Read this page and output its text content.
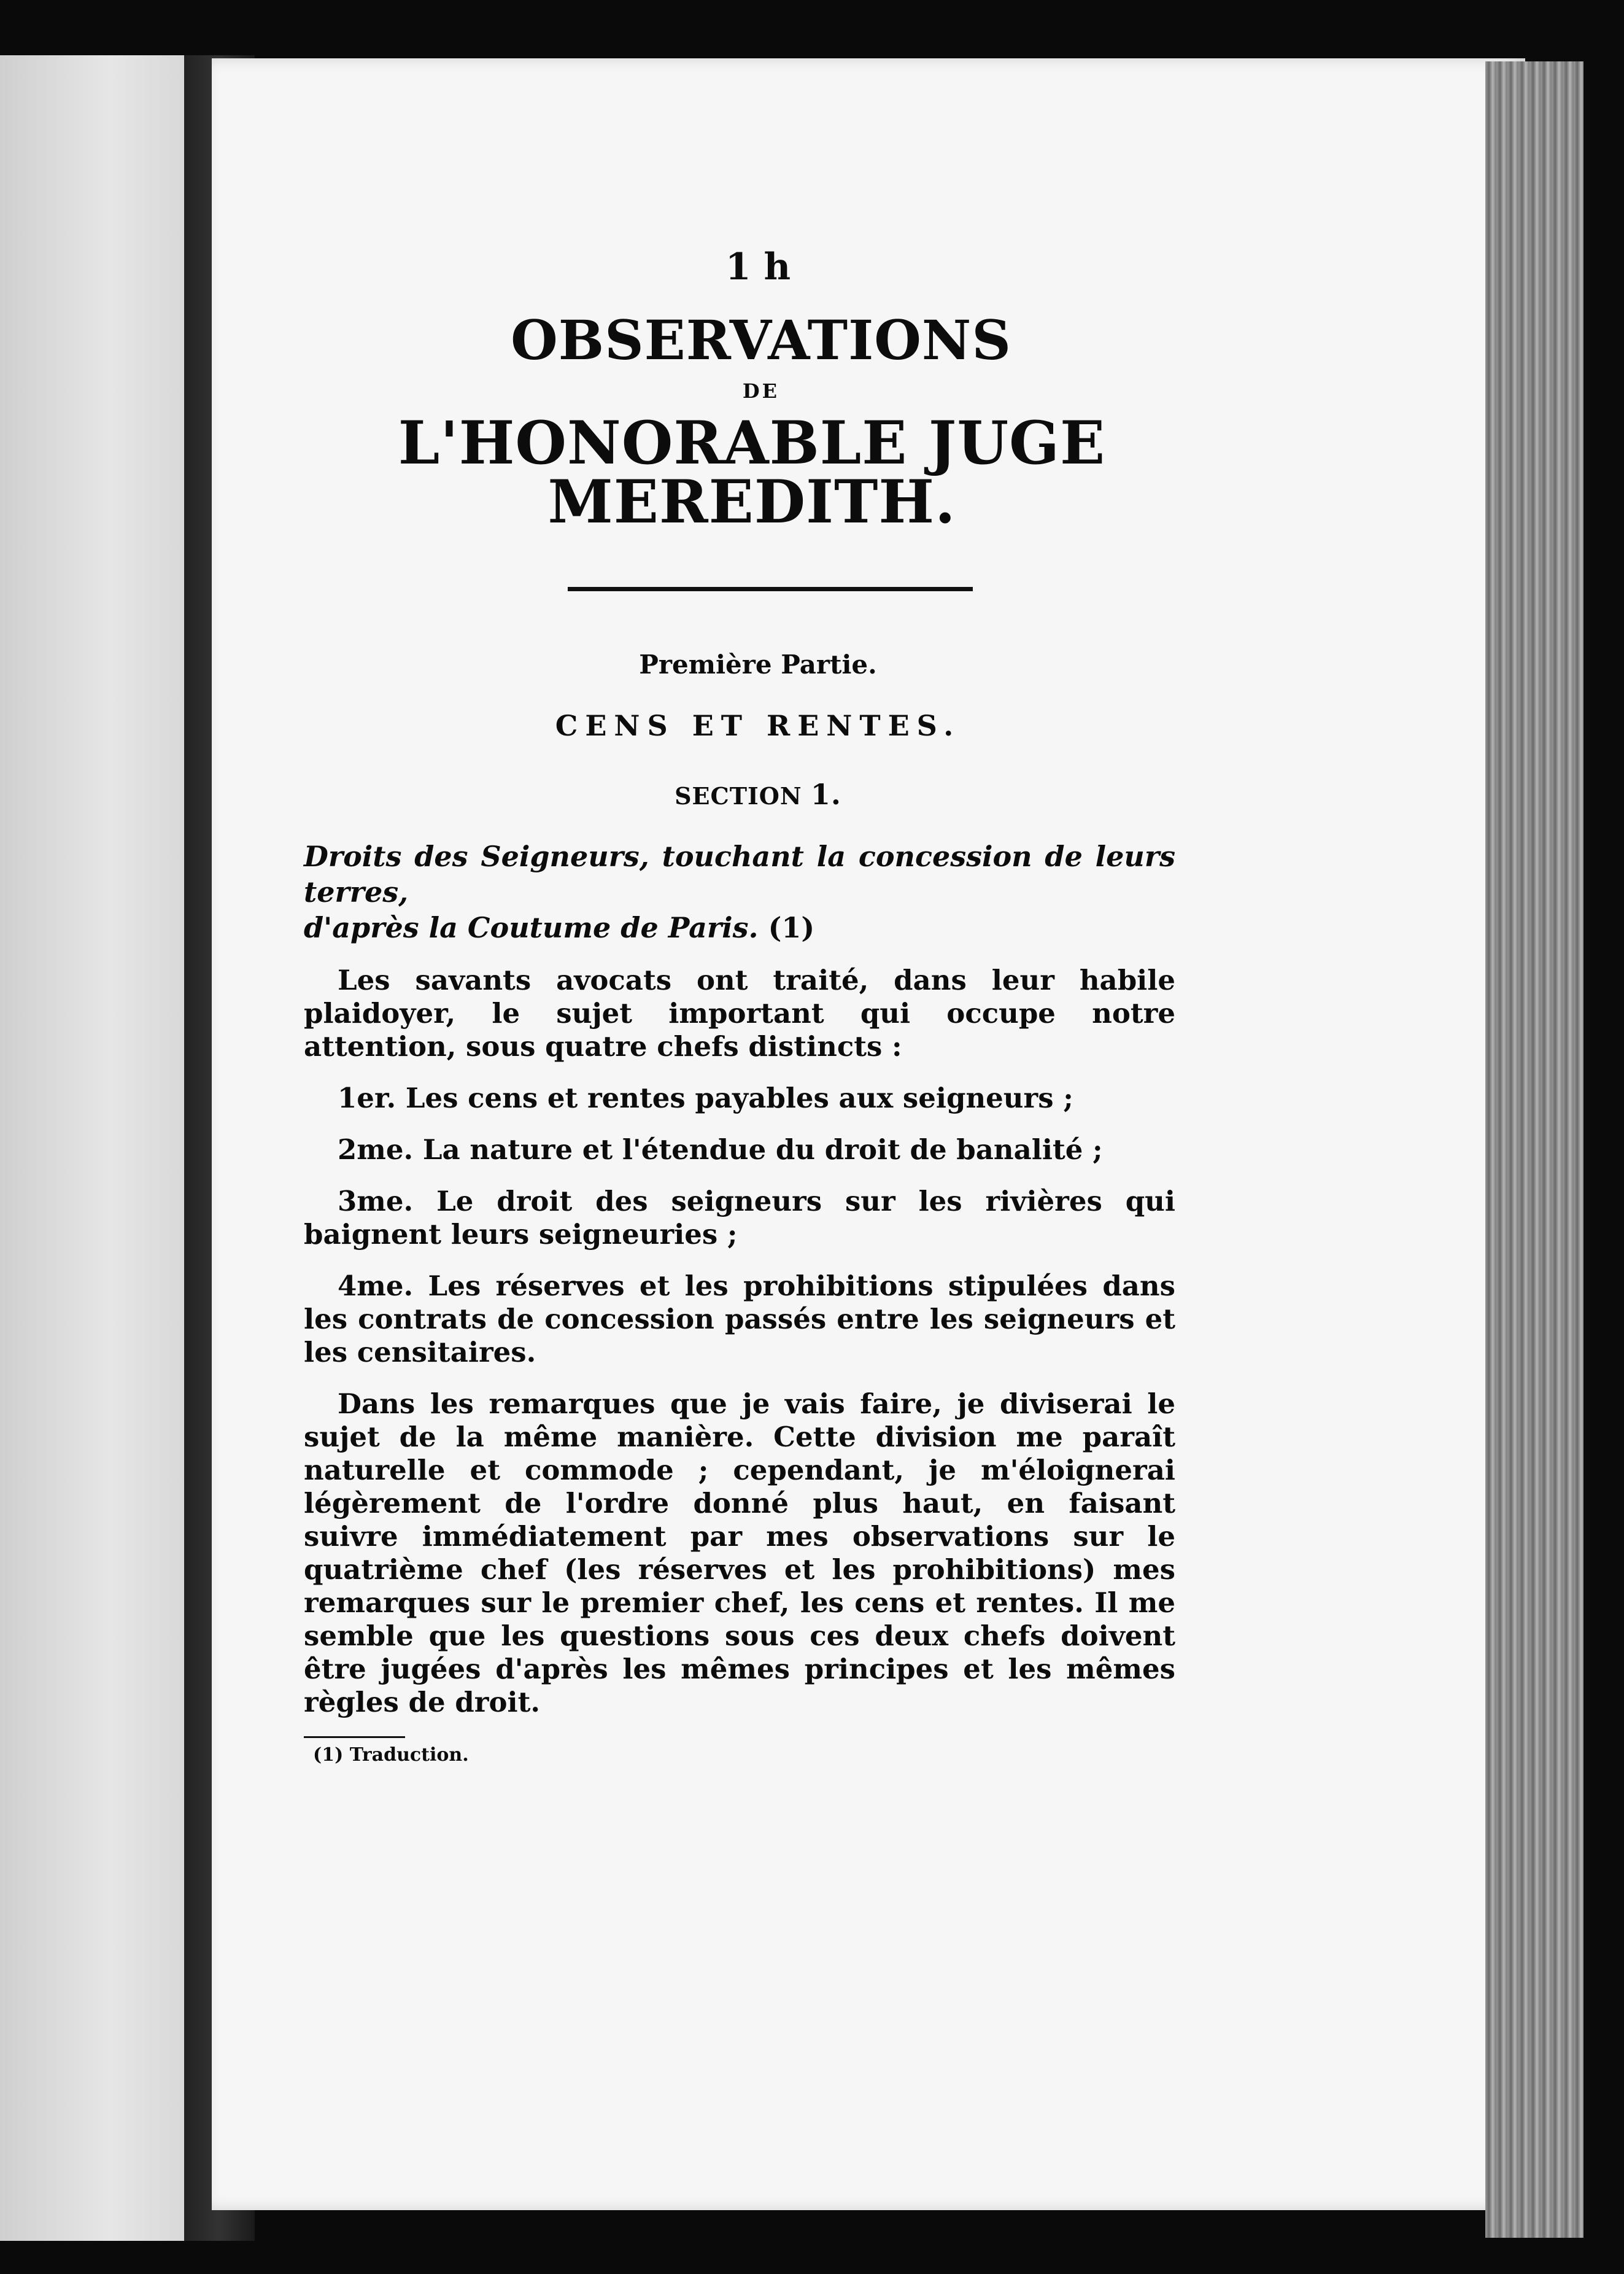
1 h
OBSERVATIONS
DE
L'HONORABLE JUGE MEREDITH.
Première Partie.
CENS ET RENTES.
SECTION 1.
Droits des Seigneurs, touchant la concession de leurs terres,
d'après la Coutume de Paris. (1)
Les savants avocats ont traité, dans leur habile plaidoyer, le sujet important qui occupe notre attention, sous quatre chefs distincts :
1er. Les cens et rentes payables aux seigneurs ;
2me. La nature et l'étendue du droit de banalité ;
3me. Le droit des seigneurs sur les rivières qui baignent leurs seigneuries ;
4me. Les réserves et les prohibitions stipulées dans les contrats de concession passés entre les seigneurs et les censitaires.
Dans les remarques que je vais faire, je diviserai le sujet de la même manière. Cette division me paraît naturelle et commode ; cependant, je m'éloignerai légèrement de l'ordre donné plus haut, en faisant suivre immédiatement par mes observations sur le quatrième chef (les réserves et les prohibitions) mes remarques sur le premier chef, les cens et rentes. Il me semble que les questions sous ces deux chefs doivent être jugées d'après les mêmes principes et les mêmes règles de droit.
(1) Traduction.
